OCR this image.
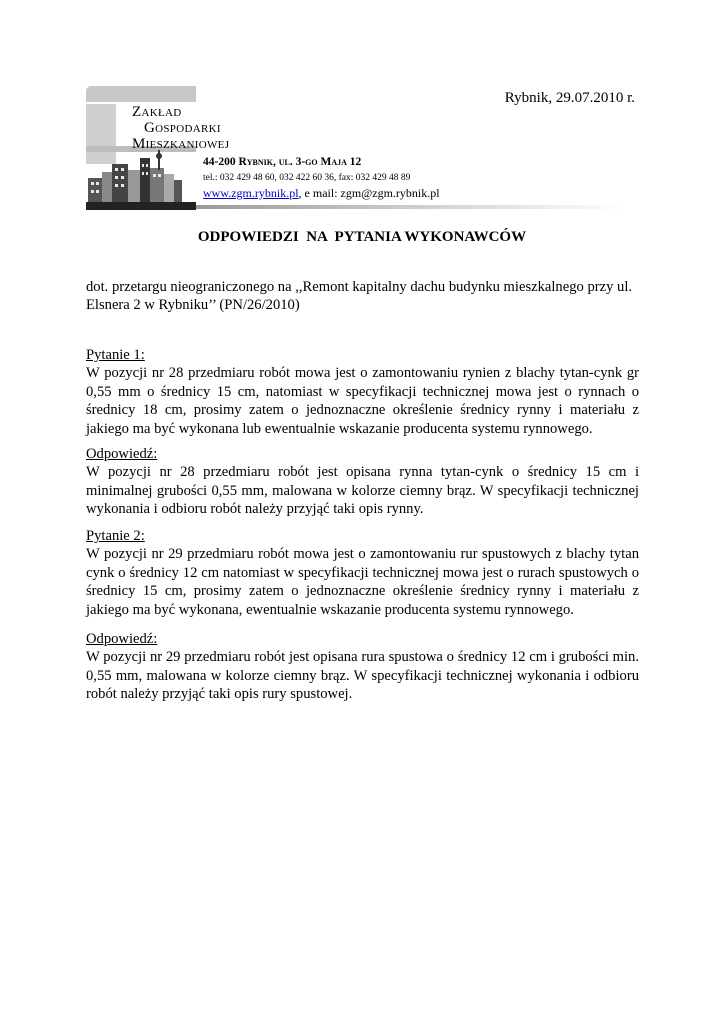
Rybnik, 29.07.2010 r.
Zakład
Gospodarki
Mieszkaniowej
44-200 Rybnik, ul. 3-go Maja 12
tel.: 032 429 48 60, 032 422 60 36, fax: 032 429 48 89
www.zgm.rybnik.pl, e mail: zgm@zgm.rybnik.pl
ODPOWIEDZI  NA  PYTANIA WYKONAWCÓW
dot. przetargu nieograniczonego na ,,Remont kapitalny dachu budynku mieszkalnego przy ul. Elsnera 2 w Rybniku’’ (PN/26/2010)

Pytanie 1:

W pozycji nr 28 przedmiaru robót mowa jest o zamontowaniu rynien z blachy tytan-cynk gr 0,55 mm o średnicy 15 cm, natomiast w specyfikacji technicznej mowa jest o rynnach o średnicy 18 cm, prosimy zatem o jednoznaczne określenie średnicy rynny i materiału z jakiego ma być wykonana lub ewentualnie wskazanie producenta systemu rynnowego.

Odpowiedź:

W pozycji nr 28 przedmiaru robót jest opisana rynna tytan-cynk o średnicy 15 cm i minimalnej grubości 0,55 mm, malowana w kolorze ciemny brąz. W specyfikacji technicznej wykonania i odbioru robót należy przyjąć taki opis rynny.

Pytanie 2:

W pozycji nr 29 przedmiaru robót mowa jest o zamontowaniu rur spustowych z blachy tytan cynk o średnicy 12 cm natomiast w specyfikacji technicznej mowa jest o rurach spustowych o średnicy 15 cm, prosimy zatem o jednoznaczne określenie średnicy rynny i materiału z jakiego ma być wykonana, ewentualnie wskazanie producenta systemu rynnowego.

Odpowiedź:

W pozycji nr 29 przedmiaru robót jest opisana rura spustowa o średnicy 12 cm i grubości min. 0,55 mm, malowana w kolorze ciemny brąz. W specyfikacji technicznej wykonania i odbioru robót należy przyjąć taki opis rury spustowej.
